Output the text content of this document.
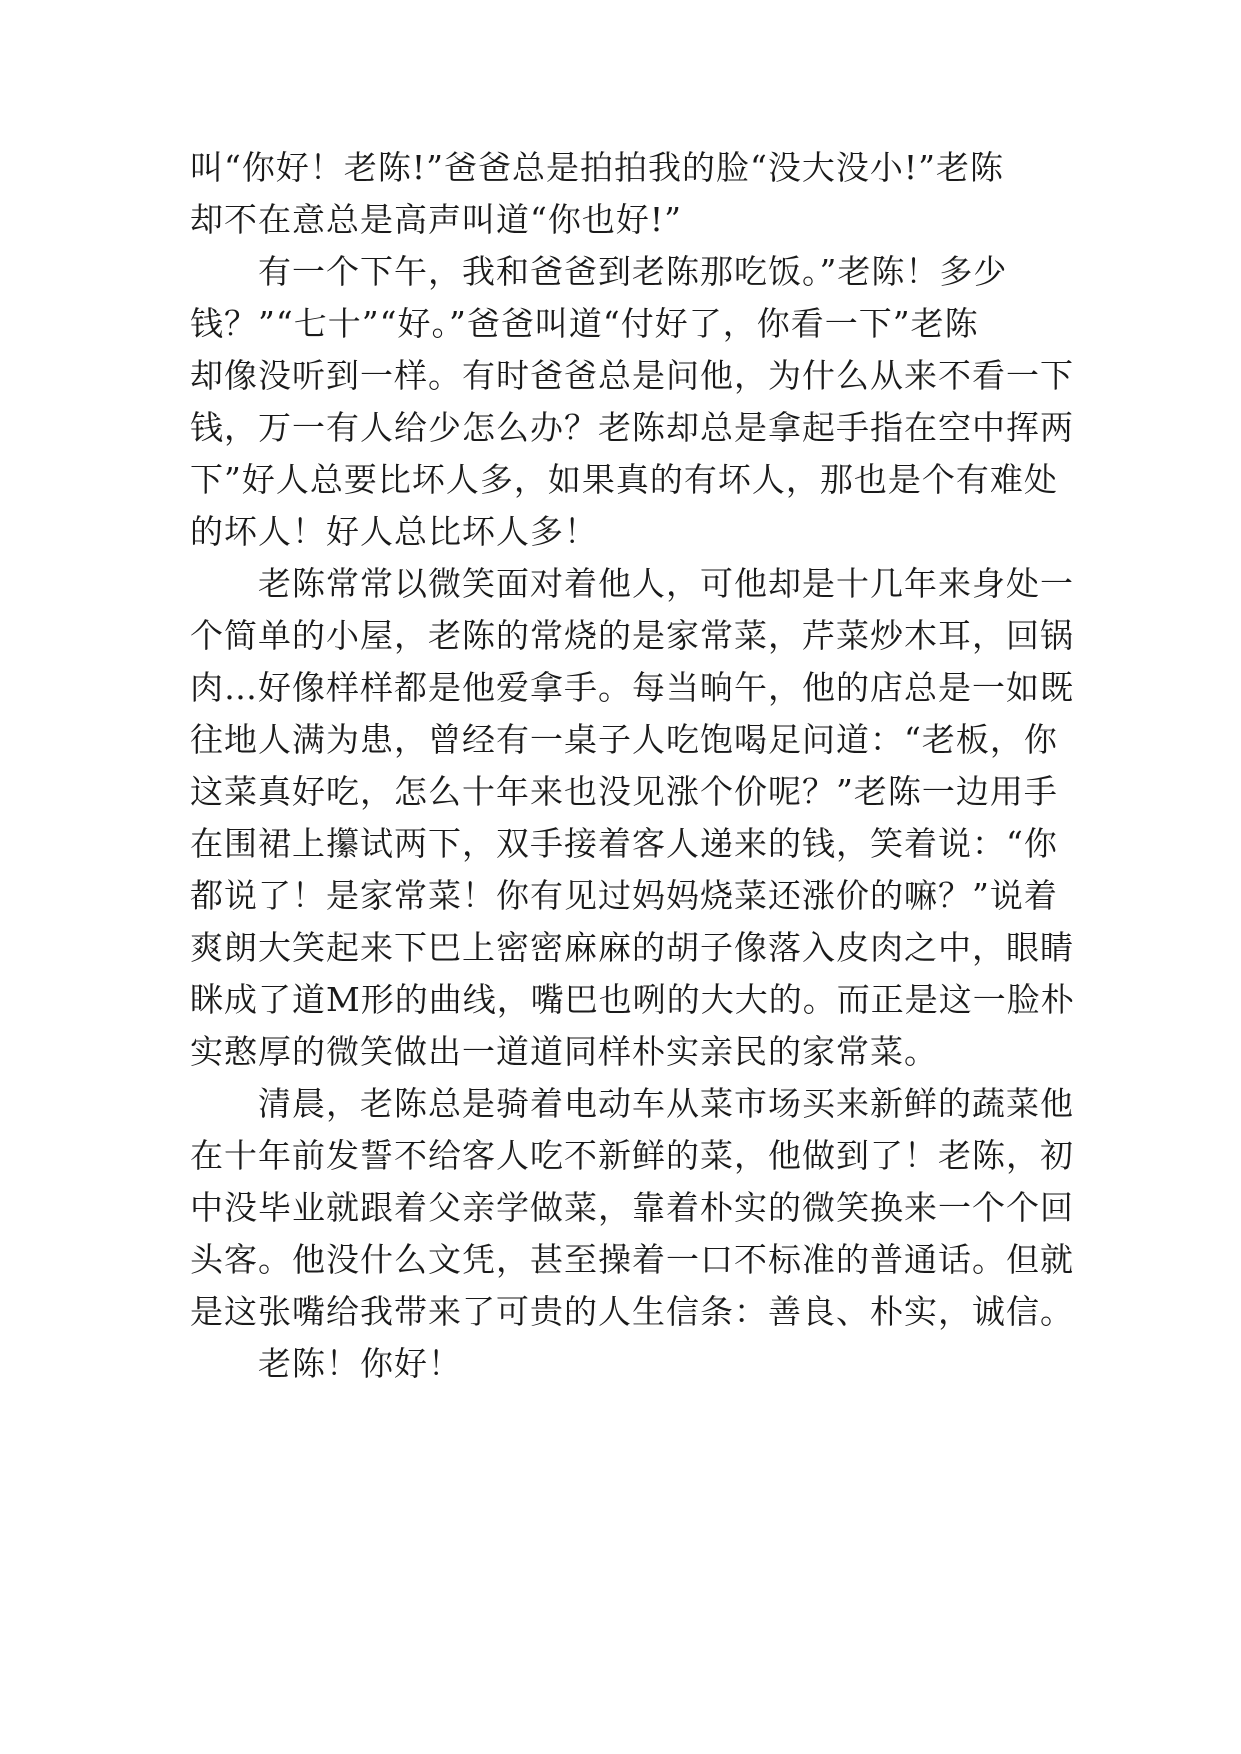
叫“你好！老陈!”爸爸总是拍拍我的脸“没大没小!”老陈
却不在意总是高声叫道“你也好!”
　　有一个下午，我和爸爸到老陈那吃饭。”老陈！多少
钱？”“七十”“好。”爸爸叫道“付好了，你看一下”老陈
却像没听到一样。有时爸爸总是问他，为什么从来不看一下
钱，万一有人给少怎么办？老陈却总是拿起手指在空中挥两
下”好人总要比坏人多，如果真的有坏人，那也是个有难处
的坏人！好人总比坏人多！
　　老陈常常以微笑面对着他人，可他却是十几年来身处一
个简单的小屋，老陈的常烧的是家常菜，芹菜炒木耳，回锅
肉…好像样样都是他爱拿手。每当晌午，他的店总是一如既
往地人满为患，曾经有一桌子人吃饱喝足问道：“老板，你
这菜真好吃，怎么十年来也没见涨个价呢？”老陈一边用手
在围裙上攥试两下，双手接着客人递来的钱，笑着说：“你
都说了！是家常菜！你有见过妈妈烧菜还涨价的嘛？”说着
爽朗大笑起来下巴上密密麻麻的胡子像落入皮肉之中，眼睛
眯成了道M形的曲线，嘴巴也咧的大大的。而正是这一脸朴
实憨厚的微笑做出一道道同样朴实亲民的家常菜。
　　清晨，老陈总是骑着电动车从菜市场买来新鲜的蔬菜他
在十年前发誓不给客人吃不新鲜的菜，他做到了！老陈，初
中没毕业就跟着父亲学做菜，靠着朴实的微笑换来一个个回
头客。他没什么文凭，甚至操着一口不标准的普通话。但就
是这张嘴给我带来了可贵的人生信条：善良、朴实，诚信。
　　老陈！你好！
